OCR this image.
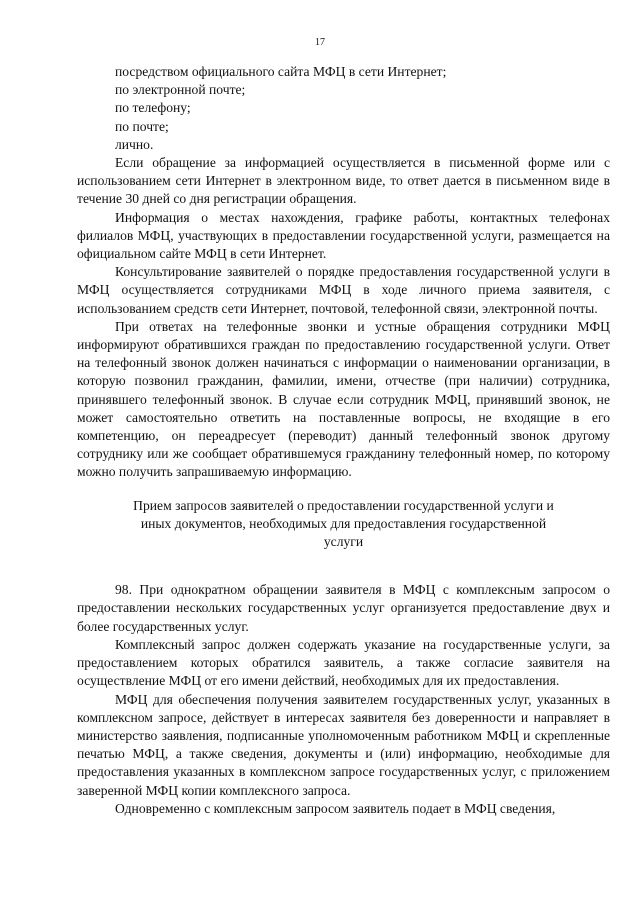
17
посредством официального сайта МФЦ в сети Интернет;
по электронной почте;
по телефону;
по почте;
лично.

Если обращение за информацией осуществляется в письменной форме или с использованием сети Интернет в электронном виде, то ответ дается в письменном виде в течение 30 дней со дня регистрации обращения.

Информация о местах нахождения, графике работы, контактных телефонах филиалов МФЦ, участвующих в предоставлении государственной услуги, размещается на официальном сайте МФЦ в сети Интернет.

Консультирование заявителей о порядке предоставления государственной услуги в МФЦ осуществляется сотрудниками МФЦ в ходе личного приема заявителя, с использованием средств сети Интернет, почтовой, телефонной связи, электронной почты.

При ответах на телефонные звонки и устные обращения сотрудники МФЦ информируют обратившихся граждан по предоставлению государственной услуги. Ответ на телефонный звонок должен начинаться с информации о наименовании организации, в которую позвонил гражданин, фамилии, имени, отчестве (при наличии) сотрудника, принявшего телефонный звонок. В случае если сотрудник МФЦ, принявший звонок, не может самостоятельно ответить на поставленные вопросы, не входящие в его компетенцию, он переадресует (переводит) данный телефонный звонок другому сотруднику или же сообщает обратившемуся гражданину телефонный номер, по которому можно получить запрашиваемую информацию.

Прием запросов заявителей о предоставлении государственной услуги и иных документов, необходимых для предоставления государственной услуги

98. При однократном обращении заявителя в МФЦ с комплексным запросом о предоставлении нескольких государственных услуг организуется предоставление двух и более государственных услуг.

Комплексный запрос должен содержать указание на государственные услуги, за предоставлением которых обратился заявитель, а также согласие заявителя на осуществление МФЦ от его имени действий, необходимых для их предоставления.

МФЦ для обеспечения получения заявителем государственных услуг, указанных в комплексном запросе, действует в интересах заявителя без доверенности и направляет в министерство заявления, подписанные уполномоченным работником МФЦ и скрепленные печатью МФЦ, а также сведения, документы и (или) информацию, необходимые для предоставления указанных в комплексном запросе государственных услуг, с приложением заверенной МФЦ копии комплексного запроса.

Одновременно с комплексным запросом заявитель подает в МФЦ сведения,
